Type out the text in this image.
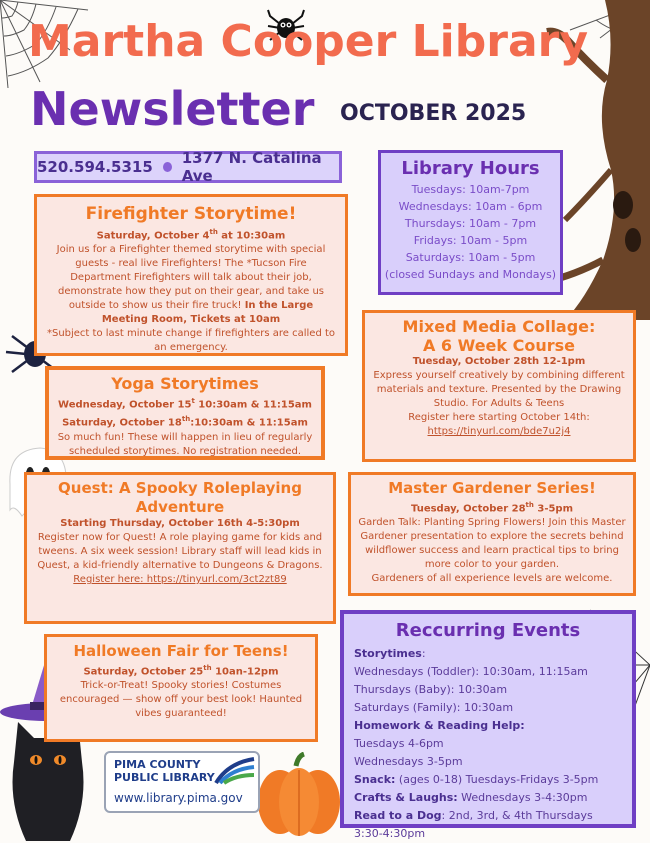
Martha Cooper Library
Newsletter OCTOBER 2025
520.594.5315 1377 N. Catalina Ave	Library Hours
Tuesdays: 10am-7pm
Wednesdays: 10am - 6pm
Thursdays: 10am - 7pm
Fridays: 10am - 5pm
Saturdays: 10am - 5pm
(closed Sundays and Mondays)
Firefighter Storytime!
Saturday, October 4th at 10:30am
Join us for a Firefighter themed storytime with special guests - real live Firefighters! The *Tucson Fire Department Firefighters will talk about their job, demonstrate how they put on their gear, and take us outside to show us their fire truck! In the Large Meeting Room, Tickets at 10am
*Subject to last minute change if firefighters are called to an emergency.
Yoga Storytimes
Wednesday, October 15$^t$ 10:30am & 11:15am
Saturday, October 18th:10:30am & 11:15am
So much fun! These will happen in lieu of regularly scheduled storytimes. No registration needed.
Mixed Media Collage:
A 6 Week Course
Tuesday, October 28th 12-1pm
Express yourself creatively by combining different materials and texture. Presented by the Drawing Studio. For Adults & Teens
Register here starting October 14th:
https://tinyurl.com/bde7u2j4
Quest: A Spooky Roleplaying Adventure
Starting Thursday, October 16th 4-5:30pm
Register now for Quest! A role playing game for kids and tweens. A six week session! Library staff will lead kids in Quest, a kid-friendly alternative to Dungeons & Dragons.
Register here: https://tinyurl.com/3ct2zt89
Master Gardener Series!
Tuesday, October 28th 3-5pm
Garden Talk: Planting Spring Flowers! Join this Master Gardener presentation to explore the secrets behind wildflower success and learn practical tips to bring more color to your garden.
Gardeners of all experience levels are welcome.
Halloween Fair for Teens!
Saturday, October 25th 10an-12pm
Trick-or-Treat! Spooky stories! Costumes encouraged — show off your best look! Haunted vibes guaranteed!
Reccurring Events
Storytimes:
Wednesdays (Toddler): 10:30am, 11:15am
Thursdays (Baby): 10:30am
Saturdays (Family): 10:30am
Homework & Reading Help:
Tuesdays 4-6pm
Wednesdays 3-5pm
Snack: (ages 0-18) Tuesdays-Fridays 3-5pm
Crafts & Laughs: Wednesdays 3-4:30pm
Read to a Dog: 2nd, 3rd, & 4th Thursdays 3:30-4:30pm
PIMA COUNTY
PUBLIC LIBRARY
www.library.pima.gov
